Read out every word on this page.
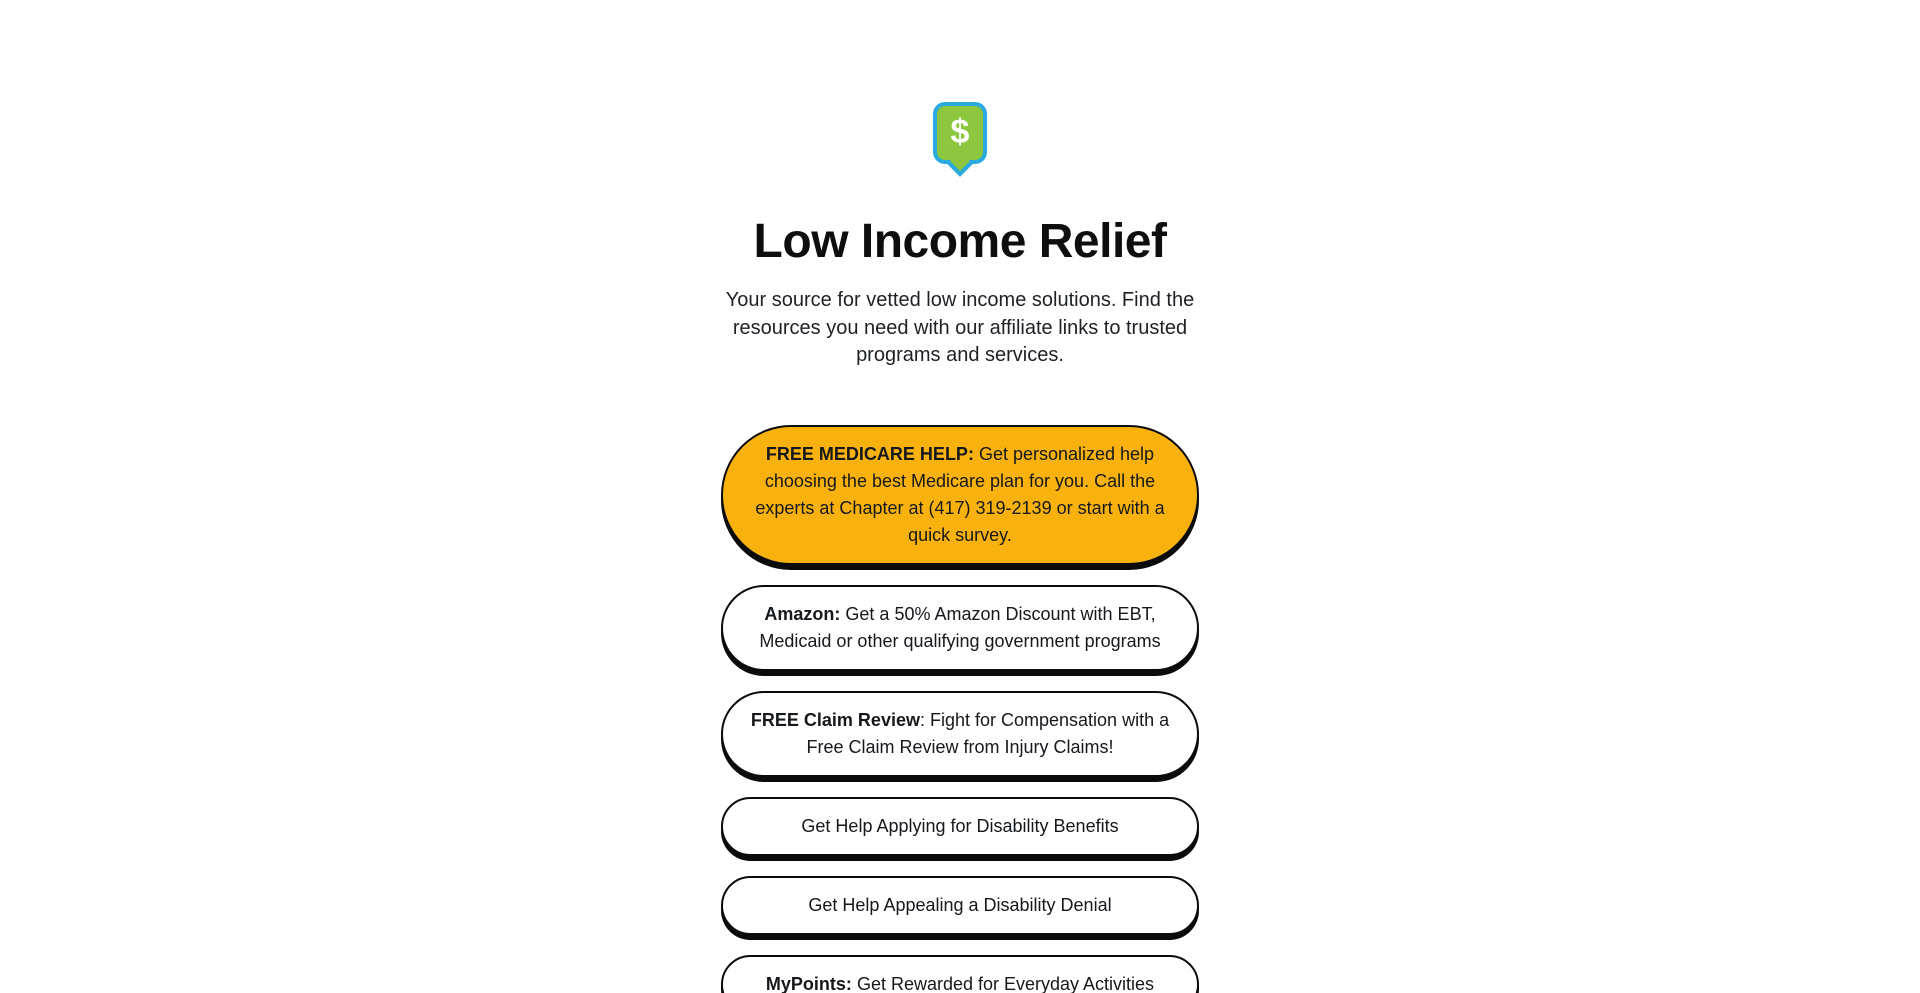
$
Low Income Relief

Your source for vetted low income solutions. Find the resources you need with our affiliate links to trusted programs and services.

FREE MEDICARE HELP: Get personalized help choosing the best Medicare plan for you. Call the experts at Chapter at (417) 319-2139 or start with a quick survey.
Amazon: Get a 50% Amazon Discount with EBT, Medicaid or other qualifying government programs
FREE Claim Review: Fight for Compensation with a Free Claim Review from Injury Claims!
Get Help Applying for Disability Benefits
Get Help Appealing a Disability Denial
MyPoints: Get Rewarded for Everyday Activities
